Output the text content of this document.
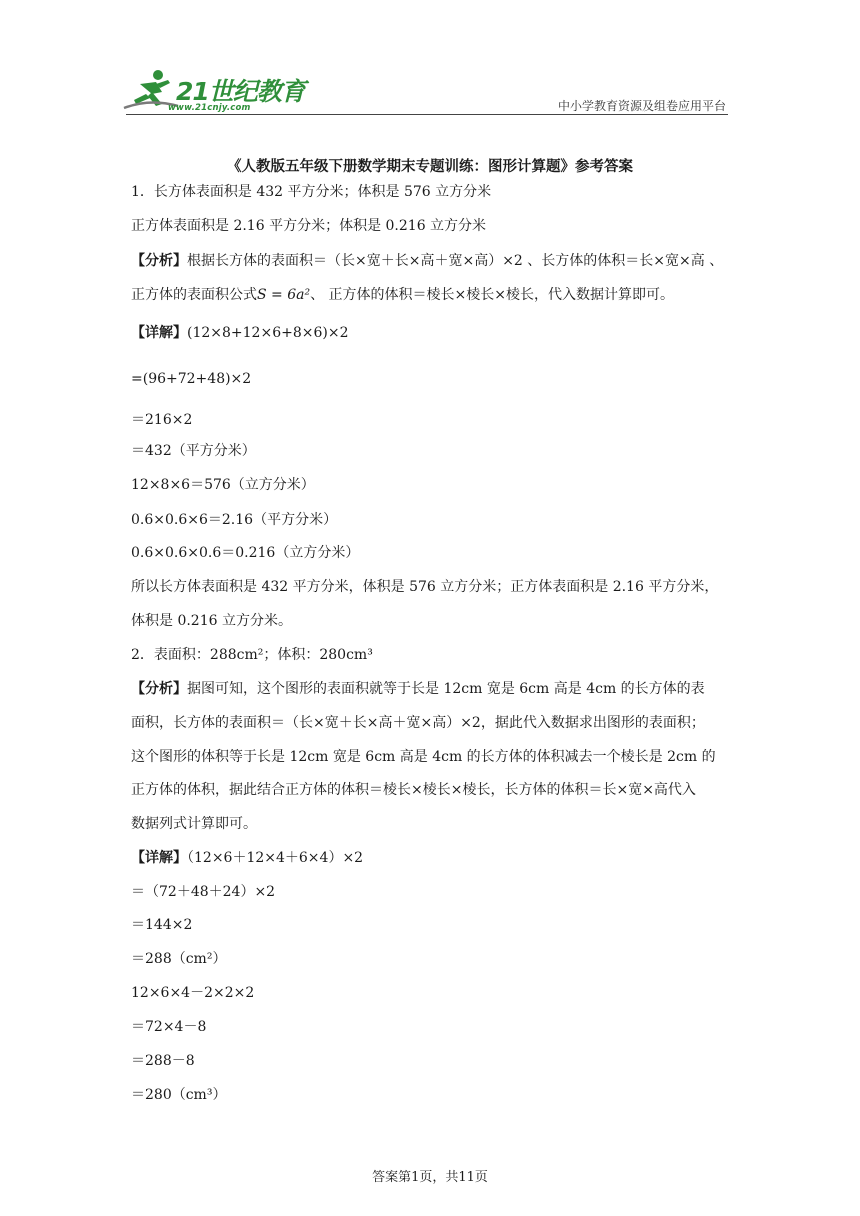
21世纪教育
www.21cnjy.com	中小学教育资源及组卷应用平台
《人教版五年级下册数学期末专题训练：图形计算题》参考答案
1．长方体表面积是 432 平方分米；体积是 576 立方分米
正方体表面积是 2.16 平方分米；体积是 0.216 立方分米
【分析】根据长方体的表面积＝（长×宽＋长×高＋宽×高）×2 、长方体的体积＝长×宽×高 、
正方体的表面积公式S = 6a²、 正方体的体积＝棱长×棱长×棱长，代入数据计算即可。
【详解】(12×8+12×6+8×6)×2
=(96+72+48)×2
＝216×2
＝432（平方分米）
12×8×6＝576（立方分米）
0.6×0.6×6＝2.16（平方分米）
0.6×0.6×0.6＝0.216（立方分米）
所以长方体表面积是 432 平方分米，体积是 576 立方分米；正方体表面积是 2.16 平方分米，
体积是 0.216 立方分米。
2．表面积：288cm²；体积：280cm³
【分析】据图可知，这个图形的表面积就等于长是 12cm 宽是 6cm 高是 4cm 的长方体的表
面积，长方体的表面积＝（长×宽＋长×高＋宽×高）×2，据此代入数据求出图形的表面积；
这个图形的体积等于长是 12cm 宽是 6cm 高是 4cm 的长方体的体积减去一个棱长是 2cm 的
正方体的体积，据此结合正方体的体积＝棱长×棱长×棱长，长方体的体积＝长×宽×高代入
数据列式计算即可。
【详解】（12×6＋12×4＋6×4）×2
＝（72＋48＋24）×2
＝144×2
＝288（cm²）
12×6×4－2×2×2
＝72×4－8
＝288－8
＝280（cm³）
答案第1页，共11页
